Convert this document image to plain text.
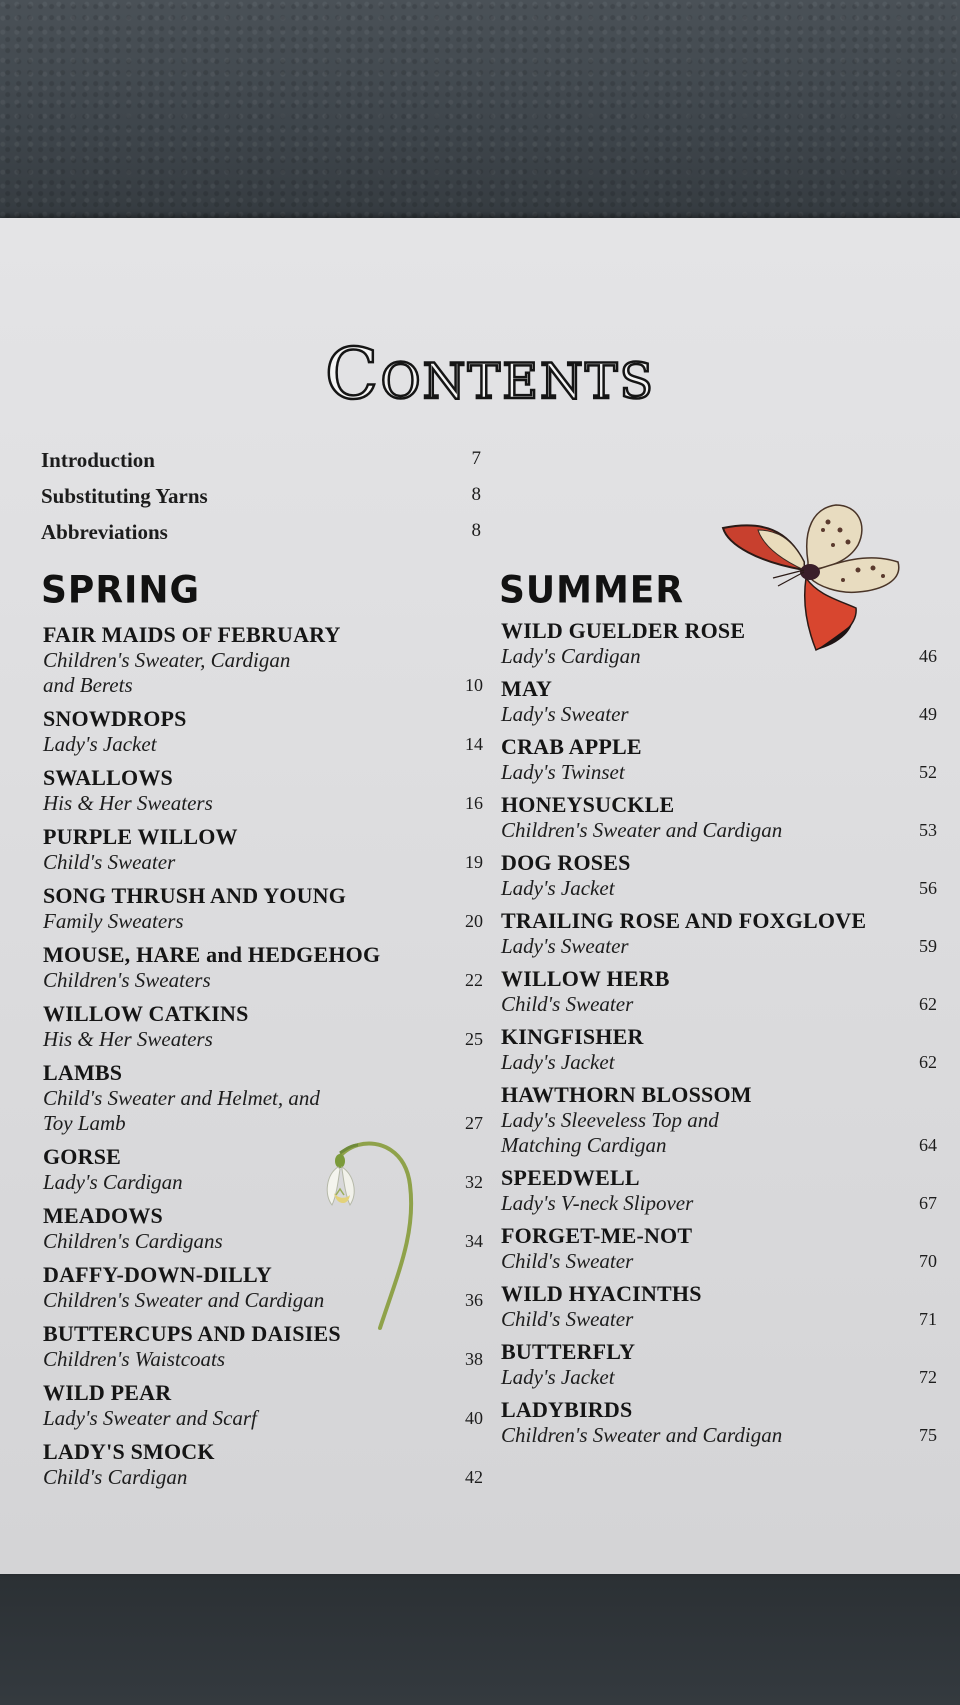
Contents
Introduction	7
Substituting Yarns	8
Abbreviations	8
SPRING	SUMMER
FAIR MAIDS OF FEBRUARY
Children's Sweater, Cardigan
and Berets	10
SNOWDROPS
Lady's Jacket	14
SWALLOWS
His & Her Sweaters	16
PURPLE WILLOW
Child's Sweater	19
SONG THRUSH AND YOUNG
Family Sweaters	20
MOUSE, HARE and HEDGEHOG
Children's Sweaters	22
WILLOW CATKINS
His & Her Sweaters	25
LAMBS
Child's Sweater and Helmet, and
Toy Lamb	27
GORSE
Lady's Cardigan	32
MEADOWS
Children's Cardigans	34
DAFFY-DOWN-DILLY
Children's Sweater and Cardigan	36
BUTTERCUPS AND DAISIES
Children's Waistcoats	38
WILD PEAR
Lady's Sweater and Scarf	40
LADY'S SMOCK
Child's Cardigan	42
WILD GUELDER ROSE
Lady's Cardigan	46
MAY
Lady's Sweater	49
CRAB APPLE
Lady's Twinset	52
HONEYSUCKLE
Children's Sweater and Cardigan	53
DOG ROSES
Lady's Jacket	56
TRAILING ROSE AND FOXGLOVE
Lady's Sweater	59
WILLOW HERB
Child's Sweater	62
KINGFISHER
Lady's Jacket	62
HAWTHORN BLOSSOM
Lady's Sleeveless Top and
Matching Cardigan	64
SPEEDWELL
Lady's V-neck Slipover	67
FORGET-ME-NOT
Child's Sweater	70
WILD HYACINTHS
Child's Sweater	71
BUTTERFLY
Lady's Jacket	72
LADYBIRDS
Children's Sweater and Cardigan	75
